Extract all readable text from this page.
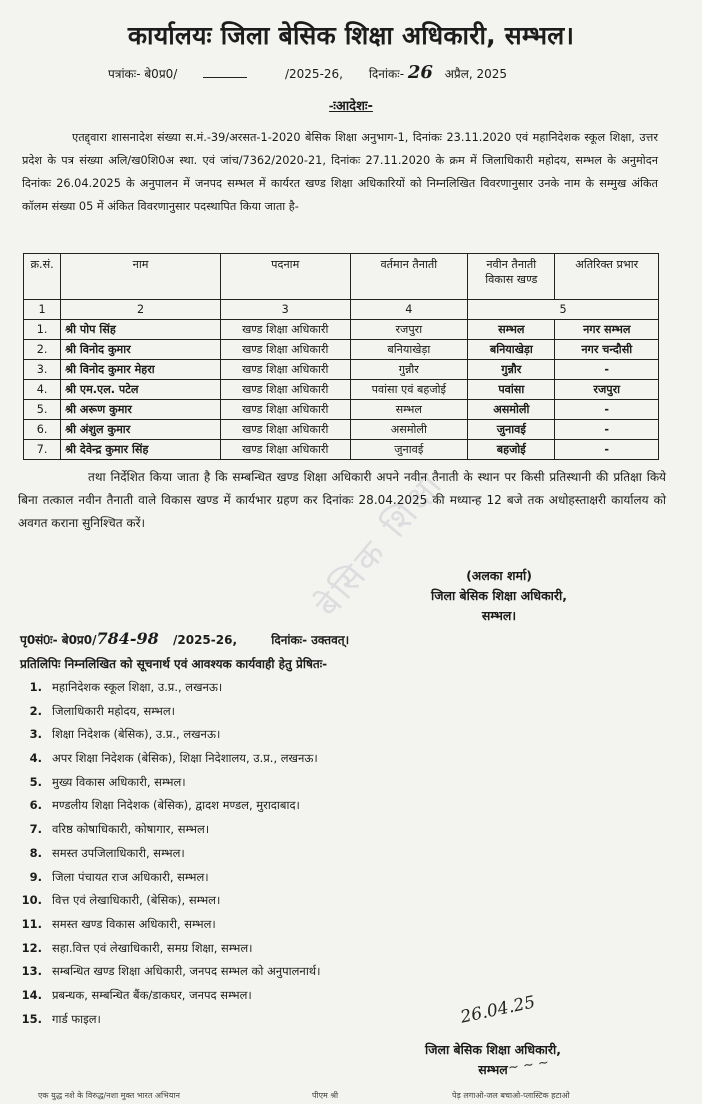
बेसिक शिक्षा
कार्यालयः जिला बेसिक शिक्षा अधिकारी, सम्भल।
पत्रांकः- बे0प्र0/	/2025-26, दिनांकः- 26 अप्रैल, 2025
-ःआदेशः-
एतद्द्वारा शासनादेश संख्या स.मं.-39/अरसत-1-2020 बेसिक शिक्षा अनुभाग-1, दिनांकः 23.11.2020 एवं महानिदेशक स्कूल शिक्षा, उत्तर प्रदेश के पत्र संख्या अलि/ख0शि0अ स्था. एवं जांच/7362/2020-21, दिनांकः 27.11.2020 के क्रम में जिलाधिकारी महोदय, सम्भल के अनुमोदन दिनांकः 26.04.2025 के अनुपालन में जनपद सम्भल में कार्यरत खण्ड शिक्षा अधिकारियों को निम्नलिखित विवरणानुसार उनके नाम के सम्मुख अंकित कॉलम संख्या 05 में अंकित विवरणानुसार पदस्थापित किया जाता है-
क्र.सं.	नाम	पदनाम	वर्तमान तैनाती	नवीन तैनाती विकास खण्ड	अतिरिक्त प्रभार
1	2	3	4	5	
1.	श्री पोप सिंह	खण्ड शिक्षा अधिकारी	रजपुरा	सम्भल	नगर सम्भल
2.	श्री विनोद कुमार	खण्ड शिक्षा अधिकारी	बनियाखेड़ा	बनियाखेड़ा	नगर चन्दौसी
3.	श्री विनोद कुमार मेहरा	खण्ड शिक्षा अधिकारी	गुन्नौर	गुन्नौर	-
4.	श्री एम.एल. पटेल	खण्ड शिक्षा अधिकारी	पवांसा एवं बहजोई	पवांसा	रजपुरा
5.	श्री अरूण कुमार	खण्ड शिक्षा अधिकारी	सम्भल	असमोली	-
6.	श्री अंशुल कुमार	खण्ड शिक्षा अधिकारी	असमोली	जुनावई	-
7.	श्री देवेन्द्र कुमार सिंह	खण्ड शिक्षा अधिकारी	जुनावई	बहजोई	-
तथा निर्देशित किया जाता है कि सम्बन्धित खण्ड शिक्षा अधिकारी अपने नवीन तैनाती के स्थान पर किसी प्रतिस्थानी की प्रतिक्षा किये बिना तत्काल नवीन तैनाती वाले विकास खण्ड में कार्यभार ग्रहण कर दिनांकः 28.04.2025 की मध्यान्ह 12 बजे तक अधोहस्ताक्षरी कार्यालय को अवगत कराना सुनिश्चित करें।
(अलका शर्मा)
जिला बेसिक शिक्षा अधिकारी,
सम्भल।
पृ0सं0ः- बे0प्र0/784-98 /2025-26,	दिनांकः- उक्तवत्।
प्रतिलिपिः निम्नलिखित को सूचनार्थ एवं आवश्यक कार्यवाही हेतु प्रेषितः-
1. महानिदेशक स्कूल शिक्षा, उ.प्र., लखनऊ।
2. जिलाधिकारी महोदय, सम्भल।
3. शिक्षा निदेशक (बेसिक), उ.प्र., लखनऊ।
4. अपर शिक्षा निदेशक (बेसिक), शिक्षा निदेशालय, उ.प्र., लखनऊ।
5. मुख्य विकास अधिकारी, सम्भल।
6. मण्डलीय शिक्षा निदेशक (बेसिक), द्वादश मण्डल, मुरादाबाद।
7. वरिष्ठ कोषाधिकारी, कोषागार, सम्भल।
8. समस्त उपजिलाधिकारी, सम्भल।
9. जिला पंचायत राज अधिकारी, सम्भल।
10. वित्त एवं लेखाधिकारी, (बेसिक), सम्भल।
11. समस्त खण्ड विकास अधिकारी, सम्भल।
12. सहा.वित्त एवं लेखाधिकारी, समग्र शिक्षा, सम्भल।
13. सम्बन्धित खण्ड शिक्षा अधिकारी, जनपद सम्भल को अनुपालनार्थ।
14. प्रबन्धक, सम्बन्धित बैंक/डाकघर, जनपद सम्भल।
15. गार्ड फाइल।	26.04.25
जिला बेसिक शिक्षा अधिकारी,
सम्भल ~ ~ ~
एक युद्ध नशे के विरुद्ध/नशा मुक्त भारत अभियान	पीएम श्री	पेड़ लगाओ-जल बचाओ-प्लास्टिक हटाओ
